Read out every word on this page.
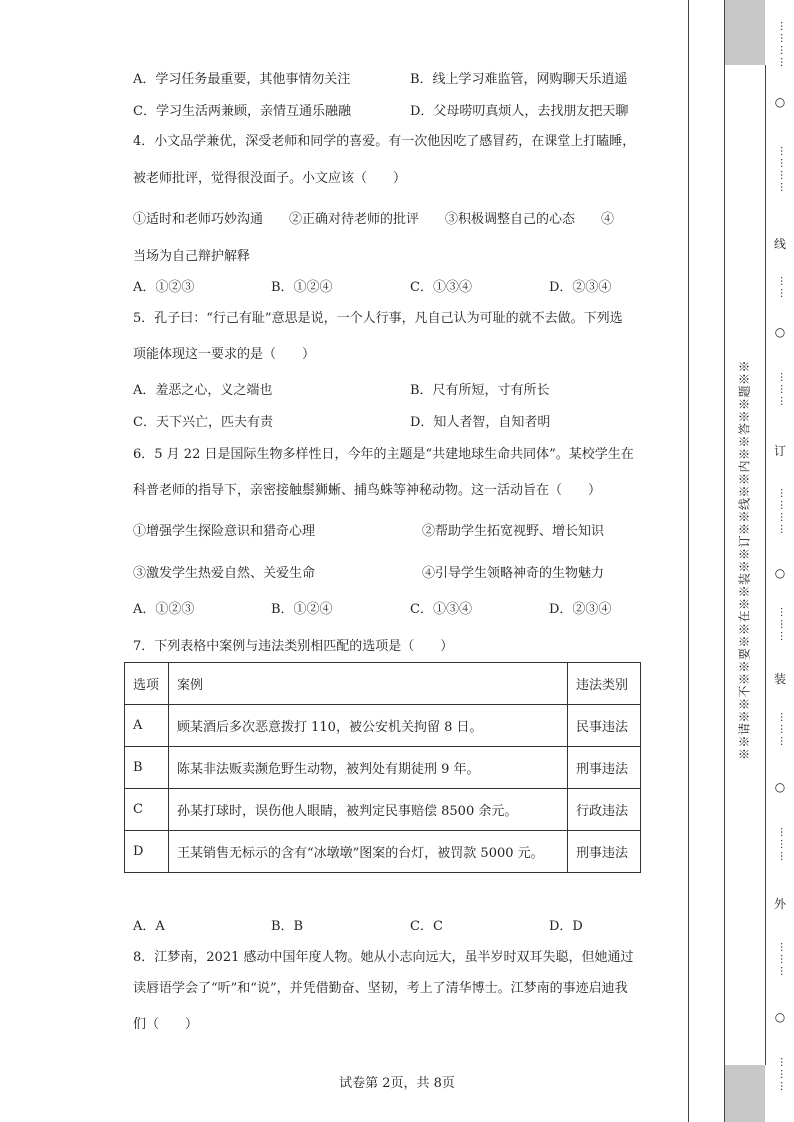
A．学习任务最重要，其他事情勿关注	B．线上学习难监管，网购聊天乐逍遥
C．学习生活两兼顾，亲情互通乐融融	D．父母唠叨真烦人，去找朋友把天聊
4．小文品学兼优，深受老师和同学的喜爱。有一次他因吃了感冒药，在课堂上打瞌睡，
被老师批评，觉得很没面子。小文应该（　　）
①适时和老师巧妙沟通　　②正确对待老师的批评　　③积极调整自己的心态　　④
当场为自己辩护解释
A．①②③	B．①②④	C．①③④	D．②③④
5．孔子曰：“行己有耻”意思是说，一个人行事，凡自己认为可耻的就不去做。下列选
项能体现这一要求的是（　　）
A．羞恶之心，义之端也	B．尺有所短，寸有所长
C．天下兴亡，匹夫有责	D．知人者智，自知者明
6．5 月 22 日是国际生物多样性日，今年的主题是“共建地球生命共同体”。某校学生在
科普老师的指导下，亲密接触鬃狮蜥、捕鸟蛛等神秘动物。这一活动旨在（　　）
①增强学生探险意识和猎奇心理	②帮助学生拓宽视野、增长知识
③激发学生热爱自然、关爱生命	④引导学生领略神奇的生物魅力
A．①②③	B．①②④	C．①③④	D．②③④
7．下列表格中案例与违法类别相匹配的选项是（　　）
选项	案例	违法类别
A	顾某酒后多次恶意拨打 110，被公安机关拘留 8 日。	民事违法
B	陈某非法贩卖濒危野生动物，被判处有期徒刑 9 年。	刑事违法
C	孙某打球时，误伤他人眼睛，被判定民事赔偿 8500 余元。	行政违法
D	王某销售无标示的含有“冰墩墩”图案的台灯，被罚款 5000 元。	刑事违法
A．A	B．B	C．C	D．D
8．江梦南，2021 感动中国年度人物。她从小志向远大，虽半岁时双耳失聪，但她通过
读唇语学会了“听”和“说”，并凭借勤奋、坚韧，考上了清华博士。江梦南的事迹启迪我
们（　　）
※※请※※不※※要※※在※※装※※订※※线※※内※※答※※题※※
…………
…………
……
………
…………
………
………
………
………
………
○
线
○
订
○
装
○
外
○
试卷第 2页，共 8页
